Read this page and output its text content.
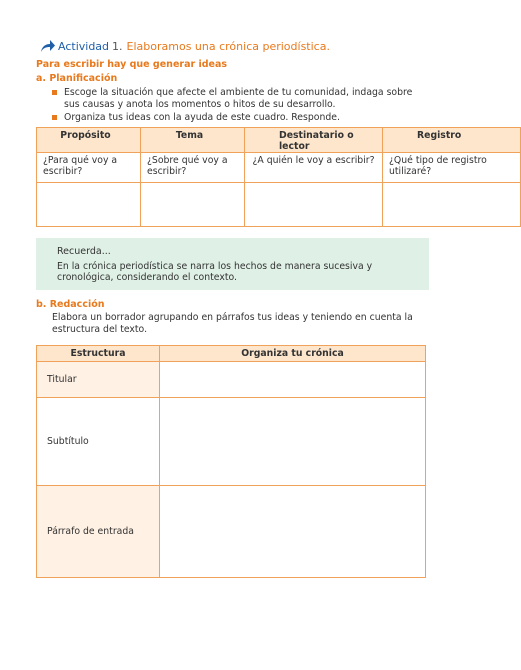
Actividad 1 . Elaboramos una crónica periodística.
Para escribir hay que generar ideas
a. Planificación
Escoge la situación que afecte el ambiente de tu comunidad, indaga sobre sus causas y anota los momentos o hitos de su desarrollo.
Organiza tus ideas con la ayuda de este cuadro. Responde.
Propósito	Tema	Destinatario o lector	Registro
¿Para qué voy a escribir?	¿Sobre qué voy a escribir?	¿A quién le voy a escribir?	¿Qué tipo de registro utilizaré?

Recuerda...
En la crónica periodística se narra los hechos de manera sucesiva y cronológica, considerando el contexto.
b. Redacción
Elabora un borrador agrupando en párrafos tus ideas y teniendo en cuenta la estructura del texto.
Estructura	Organiza tu crónica
Titular	
Subtítulo	
Párrafo de entrada	
